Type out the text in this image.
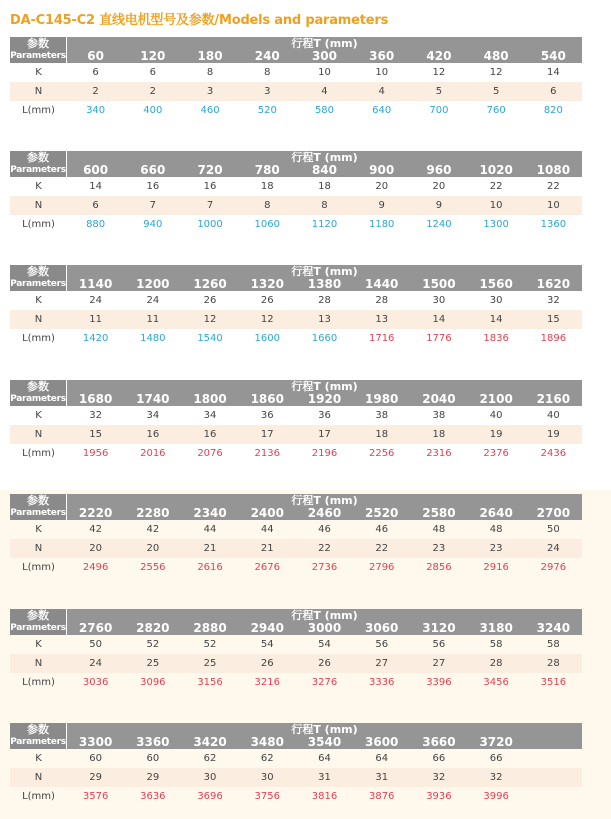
DA-C145-C2 直线电机型号及参数/Models and parameters
参数
Parameters
行程T (mm)
60	120	180	240	300	360	420	480	540
K	6	6	8	8	10	10	12	12	14
N	2	2	3	3	4	4	5	5	6
L(mm)	340	400	460	520	580	640	700	760	820
参数
Parameters
行程T (mm)
600	660	720	780	840	900	960	1020	1080
K	14	16	16	18	18	20	20	22	22
N	6	7	7	8	8	9	9	10	10
L(mm)	880	940	1000	1060	1120	1180	1240	1300	1360
参数
Parameters
行程T (mm)
1140	1200	1260	1320	1380	1440	1500	1560	1620
K	24	24	26	26	28	28	30	30	32
N	11	11	12	12	13	13	14	14	15
L(mm)	1420	1480	1540	1600	1660	1716	1776	1836	1896
参数
Parameters
行程T (mm)
1680	1740	1800	1860	1920	1980	2040	2100	2160
K	32	34	34	36	36	38	38	40	40
N	15	16	16	17	17	18	18	19	19
L(mm)	1956	2016	2076	2136	2196	2256	2316	2376	2436
参数
Parameters
行程T (mm)
2220	2280	2340	2400	2460	2520	2580	2640	2700
K	42	42	44	44	46	46	48	48	50
N	20	20	21	21	22	22	23	23	24
L(mm)	2496	2556	2616	2676	2736	2796	2856	2916	2976
参数
Parameters
行程T (mm)
2760	2820	2880	2940	3000	3060	3120	3180	3240
K	50	52	52	54	54	56	56	58	58
N	24	25	25	26	26	27	27	28	28
L(mm)	3036	3096	3156	3216	3276	3336	3396	3456	3516
参数
Parameters
行程T (mm)
3300	3360	3420	3480	3540	3600	3660	3720
K	60	60	62	62	64	64	66	66
N	29	29	30	30	31	31	32	32
L(mm)	3576	3636	3696	3756	3816	3876	3936	3996
